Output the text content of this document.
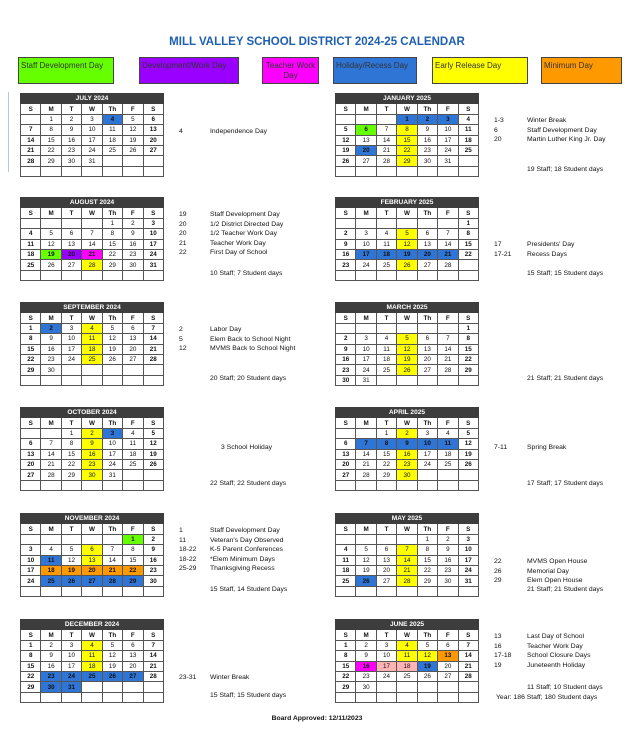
MILL VALLEY SCHOOL DISTRICT 2024-25 CALENDAR
Staff Development Day	Development/Work Day	Teacher Work Day
Holiday/Recess Day	Early Release Day	Minimum Day
JULY 2024						
S	M	T	W	Th	F	S
	1	2	3	4	5	6
7	8	9	10	11	12	13
14	15	16	17	18	19	20
21	22	23	24	25	26	27
28	29	30	31			

4	Independence Day
AUGUST 2024						
S	M	T	W	Th	F	S
				1	2	3
4	5	6	7	8	9	10
11	12	13	14	15	16	17
18	19	20	21	22	23	24
25	26	27	28	29	30	31

19	Staff Development Day
20	1/2 District Directed Day
20	1/2 Teacher Work Day
21	Teacher Work Day
22	First Day of School
10 Staff; 7 Student days
SEPTEMBER 2024						
S	M	T	W	Th	F	S
1	2	3	4	5	6	7
8	9	10	11	12	13	14
15	16	17	18	19	20	21
22	23	24	25	26	27	28
29	30					

2	Labor Day
5	Elem Back to School Night
12	MVMS Back to School Night
20 Staff; 20 Student days
OCTOBER 2024						
S	M	T	W	Th	F	S
		1	2	3	4	5
6	7	8	9	10	11	12
13	14	15	16	17	18	19
20	21	22	23	24	25	26
27	28	29	30	31		

3 School Holiday
22 Staff; 22 Student days
NOVEMBER 2024						
S	M	T	W	Th	F	S
					1	2
3	4	5	6	7	8	9
10	11	12	13	14	15	16
17	18	19	20	21	22	23
24	25	26	27	28	29	30

1	Staff Development Day
11	Veteran's Day Observed
18-22 K-5 Parent Conferences
18-22 *Elem Minimum Days
25-29 Thanksgiving Recess
15 Staff, 14 Student Days
DECEMBER 2024						
S	M	T	W	Th	F	S
1	2	3	4	5	6	7
8	9	10	11	12	13	14
15	16	17	18	19	20	21
22	23	24	25	26	27	28
29	30	31				

23-31 Winter Break
15 Staff; 15 Student days
JANUARY 2025						
S	M	T	W	Th	F	S
			1	2	3	4
5	6	7	8	9	10	11
12	13	14	15	16	17	18
19	20	21	22	23	24	25
26	27	28	29	30	31	

1-3	Winter Break
6	Staff Development Day
20	Martin Luther King Jr. Day
19 Staff; 18 Student days
FEBRUARY 2025						
S	M	T	W	Th	F	S
						1
2	3	4	5	6	7	8
9	10	11	12	13	14	15
16	17	18	19	20	21	22
23	24	25	26	27	28	

17	Presidents' Day
17-21 Recess Days
15 Staff; 15 Student days
MARCH 2025						
S	M	T	W	Th	F	S
						1
2	3	4	5	6	7	8
9	10	11	12	13	14	15
16	17	18	19	20	21	22
23	24	25	26	27	28	29
30	31						21 Staff; 21 Student days
APRIL 2025						
S	M	T	W	Th	F	S
		1	2	3	4	5
6	7	8	9	10	11	12
13	14	15	16	17	18	19
20	21	22	23	24	25	26
27	28	29	30			

7-11	Spring Break
17 Staff; 17 Student days
MAY 2025						
S	M	T	W	Th	F	S
				1	2	3
4	5	6	7	8	9	10
11	12	13	14	15	16	17
18	19	20	21	22	23	24
25	26	27	28	29	30	31

22	MVMS Open House
26	Memorial Day
29	Elem Open House
21 Staff; 21 Student days
JUNE 2025						
S	M	T	W	Th	F	S
1	2	3	4	5	6	7
8	9	10	11	12	13	14
15	16	17	18	19	20	21
22	23	24	25	26	27	28
29	30					

13	Last Day of School
16	Teacher Work Day
17-18 School Closure Days
19	Juneteenth Holiday
11 Staff; 10 Student days
Year: 186 Staff; 180 Student days
Board Approved: 12/11/2023
